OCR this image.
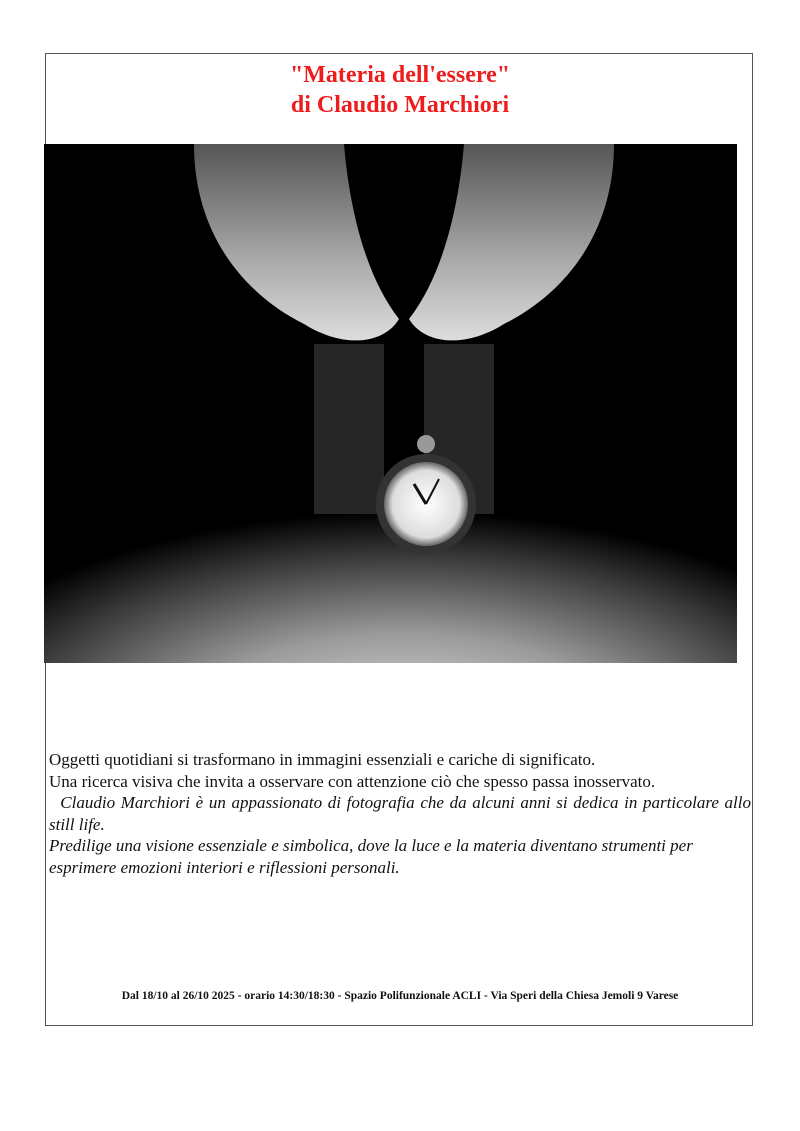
"Materia dell'essere"
di Claudio Marchiori

Oggetti quotidiani si trasformano in immagini essenziali e cariche di significato.

Una ricerca visiva che invita a osservare con attenzione ciò che spesso passa inosservato.

Claudio Marchiori è un appassionato di fotografia che da alcuni anni si dedica in particolare allo still life.

Predilige una visione essenziale e simbolica, dove la luce e la materia diventano strumenti per esprimere emozioni interiori e riflessioni personali.

Dal 18/10 al 26/10 2025 - orario 14:30/18:30 - Spazio Polifunzionale ACLI - Via Speri della Chiesa Jemoli 9 Varese
